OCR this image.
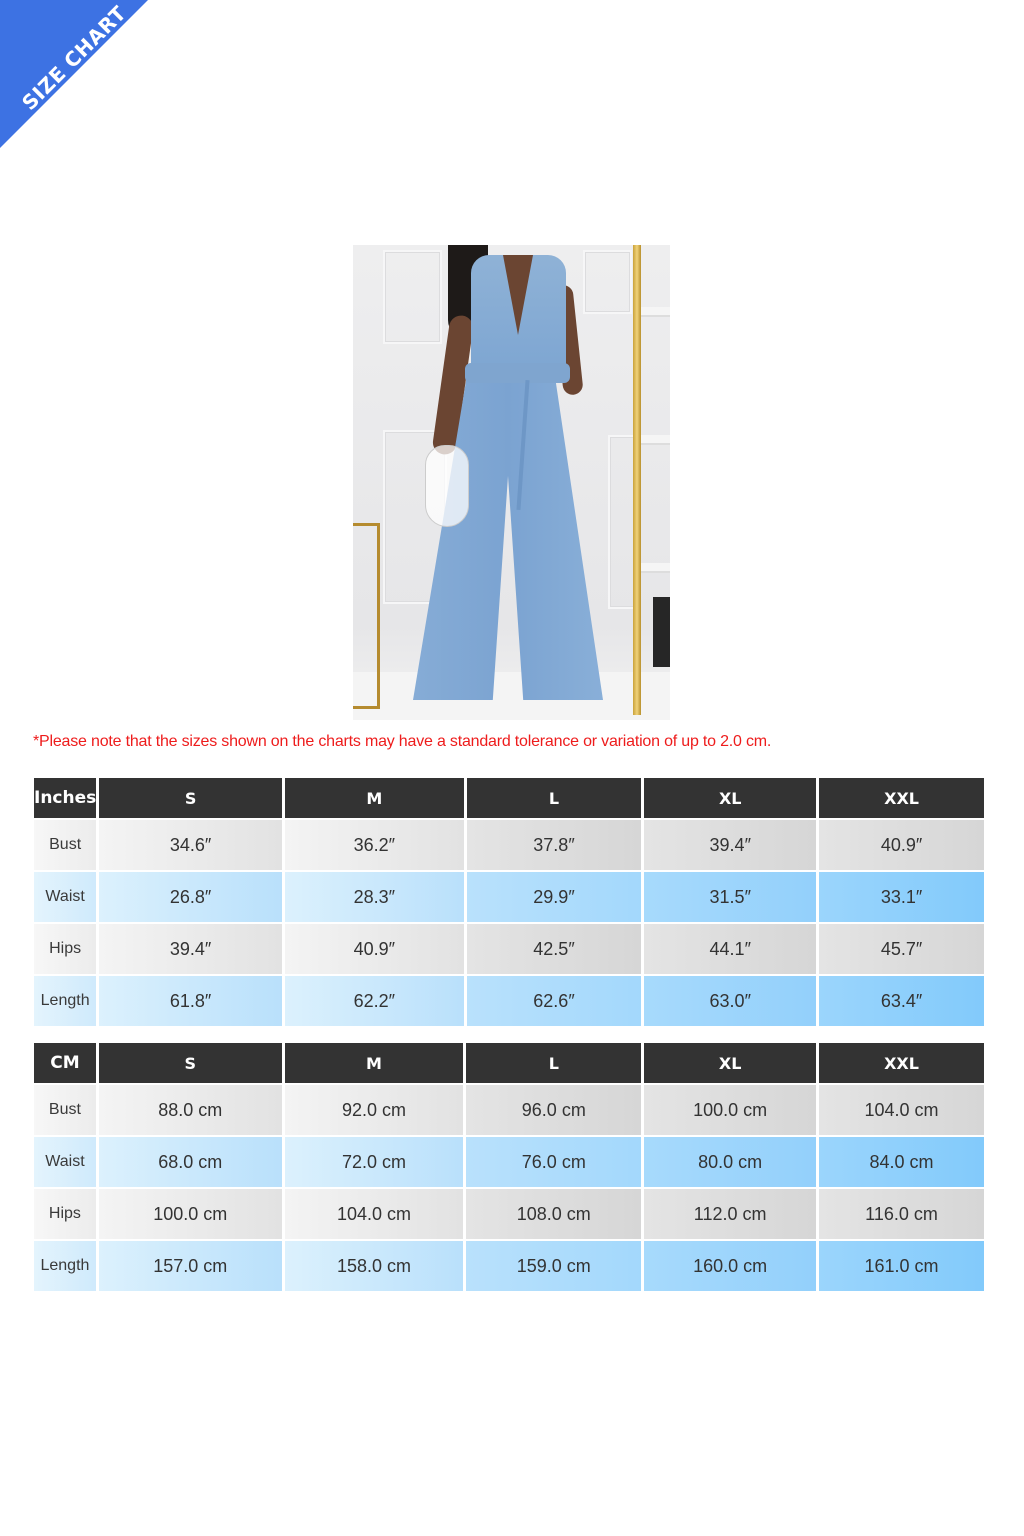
SIZE CHART
*Please note that the sizes shown on the charts may have a standard tolerance or variation of up to 2.0 cm.
Inches	S	M	L	XL	XXL
Bust	34.6″	36.2″	37.8″	39.4″	40.9″
Waist	26.8″	28.3″	29.9″	31.5″	33.1″
Hips	39.4″	40.9″	42.5″	44.1″	45.7″
Length	61.8″	62.2″	62.6″	63.0″	63.4″
CM	S	M	L	XL	XXL
Bust	88.0 cm	92.0 cm	96.0 cm	100.0 cm	104.0 cm
Waist	68.0 cm	72.0 cm	76.0 cm	80.0 cm	84.0 cm
Hips	100.0 cm	104.0 cm	108.0 cm	112.0 cm	116.0 cm
Length	157.0 cm	158.0 cm	159.0 cm	160.0 cm	161.0 cm
